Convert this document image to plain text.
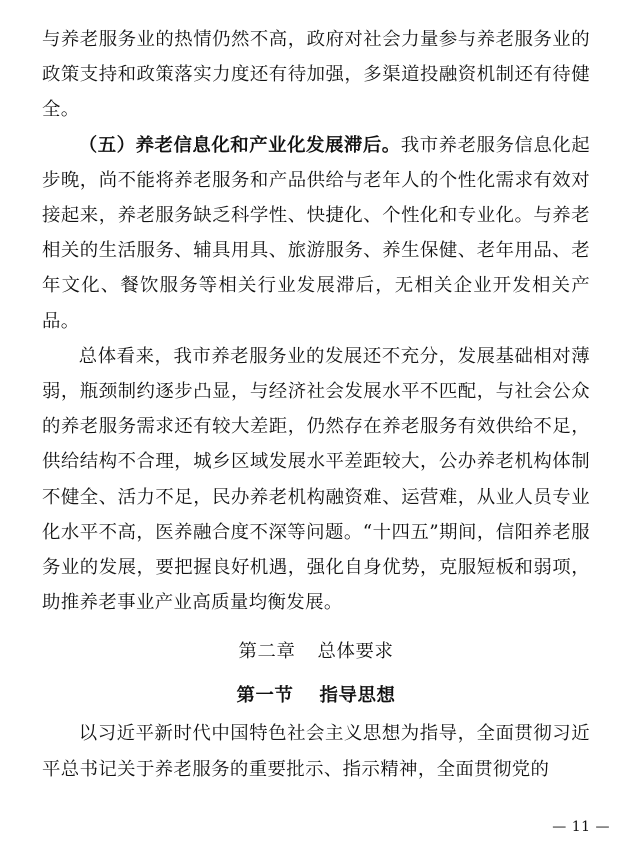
与养老服务业的热情仍然不高，政府对社会力量参与养老服务业的政策支持和政策落实力度还有待加强，多渠道投融资机制还有待健全。

（五）养老信息化和产业化发展滞后。我市养老服务信息化起步晚，尚不能将养老服务和产品供给与老年人的个性化需求有效对接起来，养老服务缺乏科学性、快捷化、个性化和专业化。与养老相关的生活服务、辅具用具、旅游服务、养生保健、老年用品、老年文化、餐饮服务等相关行业发展滞后，无相关企业开发相关产品。

总体看来，我市养老服务业的发展还不充分，发展基础相对薄弱，瓶颈制约逐步凸显，与经济社会发展水平不匹配，与社会公众的养老服务需求还有较大差距，仍然存在养老服务有效供给不足，供给结构不合理，城乡区域发展水平差距较大，公办养老机构体制不健全、活力不足，民办养老机构融资难、运营难，从业人员专业化水平不高，医养融合度不深等问题。“十四五”期间，信阳养老服务业的发展，要把握良好机遇，强化自身优势，克服短板和弱项，助推养老事业产业高质量均衡发展。

第二章 总体要求
第一节 指导思想

以习近平新时代中国特色社会主义思想为指导，全面贯彻习近平总书记关于养老服务的重要批示、指示精神，全面贯彻党的

— 11 —
